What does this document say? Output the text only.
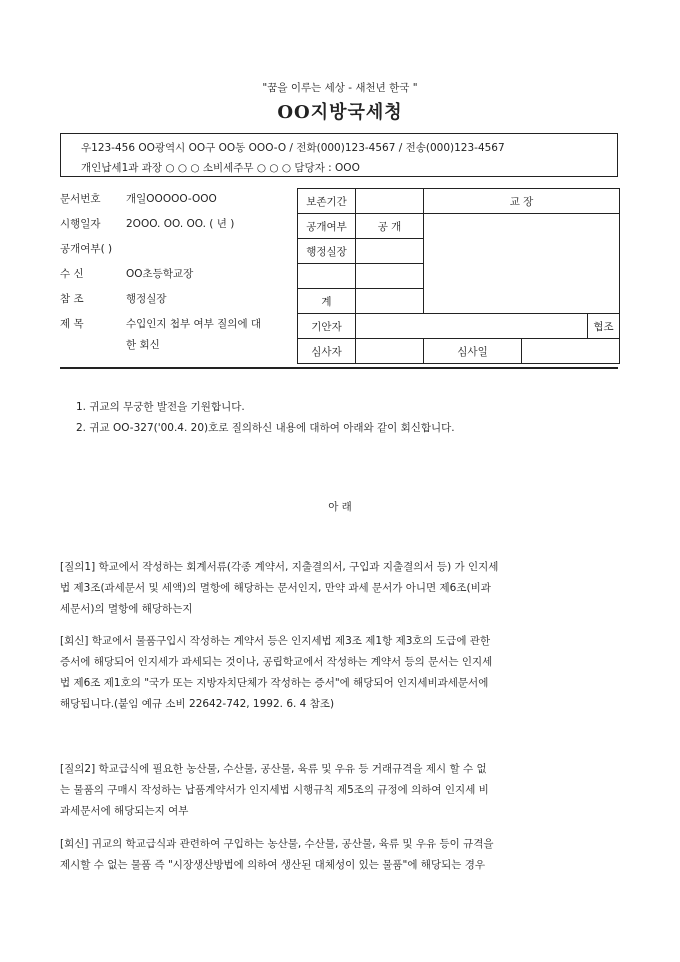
"꿈을 이루는 세상 - 새천년 한국 "
OO지방국세청
우123-456 OO광역시 OO구 OO동 OOO-O / 전화(000)123-4567 / 전송(000)123-4567
개인납세1과 과장 ○ ○ ○ 소비세주무 ○ ○ ○ 담당자 : OOO
문서번호 개일OOOOO-OOO
시행일자 2OOO. OO. OO. ( 년 )
공개여부( )
수 신	OO초등학교장
참 조	행정실장
제 목	수입인지 첩부 여부 질의에 대
한 회신
보존기간		교 장		
공개여부	공 개			
행정실장				

계				
기안자				협조
심사자		심사일		
1. 귀교의 무궁한 발전을 기원합니다.
2. 귀교 OO-327('00.4. 20)호로 질의하신 내용에 대하여 아래와 같이 회신합니다.
아 래
[질의1] 학교에서 작성하는 회계서류(각종 계약서, 지출결의서, 구입과 지출결의서 등) 가 인지세
법 제3조(과세문서 및 세액)의 멸항에 해당하는 문서인지, 만약 과세 문서가 아니면 제6조(비과
세문서)의 멸항에 해당하는지
[회신] 학교에서 물품구입시 작성하는 계약서 등은 인지세법 제3조 제1항 제3호의 도급에 관한
증서에 해당되어 인지세가 과세되는 것이나, 공립학교에서 작성하는 계약서 등의 문서는 인지세
법 제6조 제1호의 "국가 또는 지방자치단체가 작성하는 증서"에 해당되어 인지세비과세문서에
해당됩니다.(붙임 예규 소비 22642-742, 1992. 6. 4 참조)
[질의2] 학교급식에 필요한 농산물, 수산물, 공산물, 육류 및 우유 등 거래규격을 제시 할 수 없
는 물품의 구매시 작성하는 납품계약서가 인지세법 시행규칙 제5조의 규정에 의하여 인지세 비
과세문서에 해당되는지 여부
[회신] 귀교의 학교급식과 관련하여 구입하는 농산물, 수산물, 공산물, 육류 및 우유 등이 규격을
제시할 수 없는 물품 즉 "시장생산방법에 의하여 생산된 대체성이 있는 물품"에 해당되는 경우
